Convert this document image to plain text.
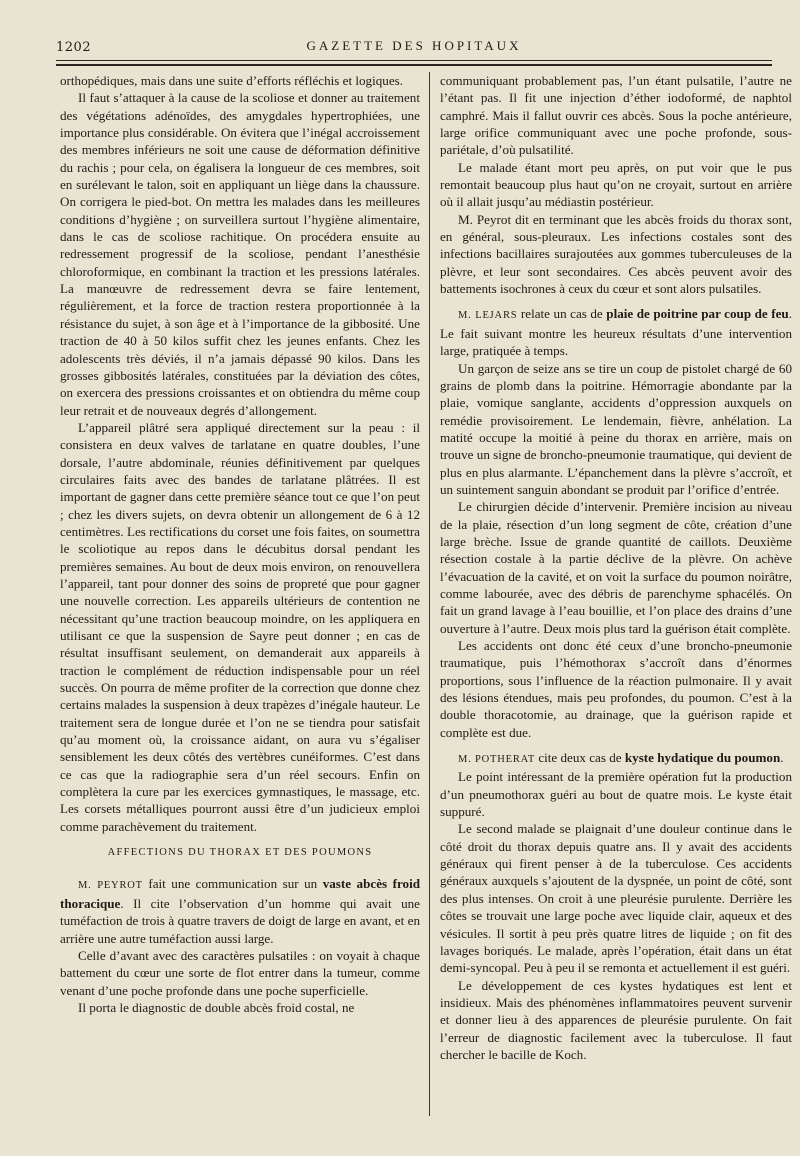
1202	GAZETTE DES HOPITAUX

orthopédiques, mais dans une suite d’efforts réfléchis et logiques.

Il faut s’attaquer à la cause de la scoliose et donner au traitement des végétations adénoïdes, des amygdales hypertrophiées, une importance plus considérable. On évitera que l’inégal accroissement des membres inférieurs ne soit une cause de déformation définitive du rachis ; pour cela, on égalisera la longueur de ces membres, soit en surélevant le talon, soit en appliquant un liège dans la chaussure. On corrigera le pied-bot. On mettra les malades dans les meilleures conditions d’hygiène ; on surveillera surtout l’hygiène alimentaire, dans le cas de scoliose rachitique. On procédera ensuite au redressement progressif de la scoliose, pendant l’anesthésie chloroformique, en combinant la traction et les pressions latérales. La manœuvre de redressement devra se faire lentement, régulièrement, et la force de traction restera proportionnée à la résistance du sujet, à son âge et à l’importance de la gibbosité. Une traction de 40 à 50 kilos suffit chez les jeunes enfants. Chez les adolescents très déviés, il n’a jamais dépassé 90 kilos. Dans les grosses gibbosités latérales, constituées par la déviation des côtes, on exercera des pressions croissantes et on obtiendra du même coup leur retrait et de nouveaux degrés d’allongement.

L’appareil plâtré sera appliqué directement sur la peau : il consistera en deux valves de tarlatane en quatre doubles, l’une dorsale, l’autre abdominale, réunies définitivement par quelques circulaires faits avec des bandes de tarlatane plâtrées. Il est important de gagner dans cette première séance tout ce que l’on peut ; chez les divers sujets, on devra obtenir un allongement de 6 à 12 centimètres. Les rectifications du corset une fois faites, on soumettra le scoliotique au repos dans le décubitus dorsal pendant les premières semaines. Au bout de deux mois environ, on renouvellera l’appareil, tant pour donner des soins de propreté que pour gagner une nouvelle correction. Les appareils ultérieurs de contention ne nécessitant qu’une traction beaucoup moindre, on les appliquera en utilisant ce que la suspension de Sayre peut donner ; en cas de résultat insuffisant seulement, on demanderait aux appareils à traction le complément de réduction indispensable pour un réel succès. On pourra de même profiter de la correction que donne chez certains malades la suspension à deux trapèzes d’inégale hauteur. Le traitement sera de longue durée et l’on ne se tiendra pour satisfait qu’au moment où, la croissance aidant, on aura vu s’égaliser sensiblement les deux côtés des vertèbres cunéiformes. C’est dans ce cas que la radiographie sera d’un réel secours. Enfin on complètera la cure par les exercices gymnastiques, le massage, etc. Les corsets métalliques pourront aussi être d’un judicieux emploi comme parachèvement du traitement.

AFFECTIONS DU THORAX ET DES POUMONS

M. PEYROT fait une communication sur un vaste abcès froid thoracique. Il cite l’observation d’un homme qui avait une tuméfaction de trois à quatre travers de doigt de large en avant, et en arrière une autre tuméfaction aussi large.

Celle d’avant avec des caractères pulsatiles : on voyait à chaque battement du cœur une sorte de flot entrer dans la tumeur, comme venant d’une poche profonde dans une poche superficielle.

Il porta le diagnostic de double abcès froid costal, ne

communiquant probablement pas, l’un étant pulsatile, l’autre ne l’étant pas. Il fit une injection d’éther iodoformé, de naphtol camphré. Mais il fallut ouvrir ces abcès. Sous la poche antérieure, large orifice communiquant avec une poche profonde, sous-pariétale, d’où pulsatilité.

Le malade étant mort peu après, on put voir que le pus remontait beaucoup plus haut qu’on ne croyait, surtout en arrière où il allait jusqu’au médiastin postérieur.

M. Peyrot dit en terminant que les abcès froids du thorax sont, en général, sous-pleuraux. Les infections costales sont des infections bacillaires surajoutées aux gommes tuberculeuses de la plèvre, et leur sont secondaires. Ces abcès peuvent avoir des battements isochrones à ceux du cœur et sont alors pulsatiles.

M. LEJARS relate un cas de plaie de poitrine par coup de feu. Le fait suivant montre les heureux résultats d’une intervention large, pratiquée à temps.

Un garçon de seize ans se tire un coup de pistolet chargé de 60 grains de plomb dans la poitrine. Hémorragie abondante par la plaie, vomique sanglante, accidents d’oppression auxquels on remédie provisoirement. Le lendemain, fièvre, anhélation. La matité occupe la moitié à peine du thorax en arrière, mais on trouve un signe de broncho-pneumonie traumatique, qui devient de plus en plus alarmante. L’épanchement dans la plèvre s’accroît, et un suintement sanguin abondant se produit par l’orifice d’entrée.

Le chirurgien décide d’intervenir. Première incision au niveau de la plaie, résection d’un long segment de côte, création d’une large brèche. Issue de grande quantité de caillots. Deuxième résection costale à la partie déclive de la plèvre. On achève l’évacuation de la cavité, et on voit la surface du poumon noirâtre, comme labourée, avec des débris de parenchyme sphacélés. On fait un grand lavage à l’eau bouillie, et l’on place des drains d’une ouverture à l’autre. Deux mois plus tard la guérison était complète.

Les accidents ont donc été ceux d’une broncho-pneumonie traumatique, puis l’hémothorax s’accroît dans d’énormes proportions, sous l’influence de la réaction pulmonaire. Il y avait des lésions étendues, mais peu profondes, du poumon. C’est à la double thoracotomie, au drainage, que la guérison rapide et complète est due.

M. POTHERAT cite deux cas de kyste hydatique du poumon.

Le point intéressant de la première opération fut la production d’un pneumothorax guéri au bout de quatre mois. Le kyste était suppuré.

Le second malade se plaignait d’une douleur continue dans le côté droit du thorax depuis quatre ans. Il y avait des accidents généraux qui firent penser à de la tuberculose. Ces accidents généraux auxquels s’ajoutent de la dyspnée, un point de côté, sont des plus intenses. On croit à une pleurésie purulente. Derrière les côtes se trouvait une large poche avec liquide clair, aqueux et des vésicules. Il sortit à peu près quatre litres de liquide ; on fit des lavages boriqués. Le malade, après l’opération, était dans un état demi-syncopal. Peu à peu il se remonta et actuellement il est guéri.

Le développement de ces kystes hydatiques est lent et insidieux. Mais des phénomènes inflammatoires peuvent survenir et donner lieu à des apparences de pleurésie purulente. On fait l’erreur de diagnostic facilement avec la tuberculose. Il faut chercher le bacille de Koch.
